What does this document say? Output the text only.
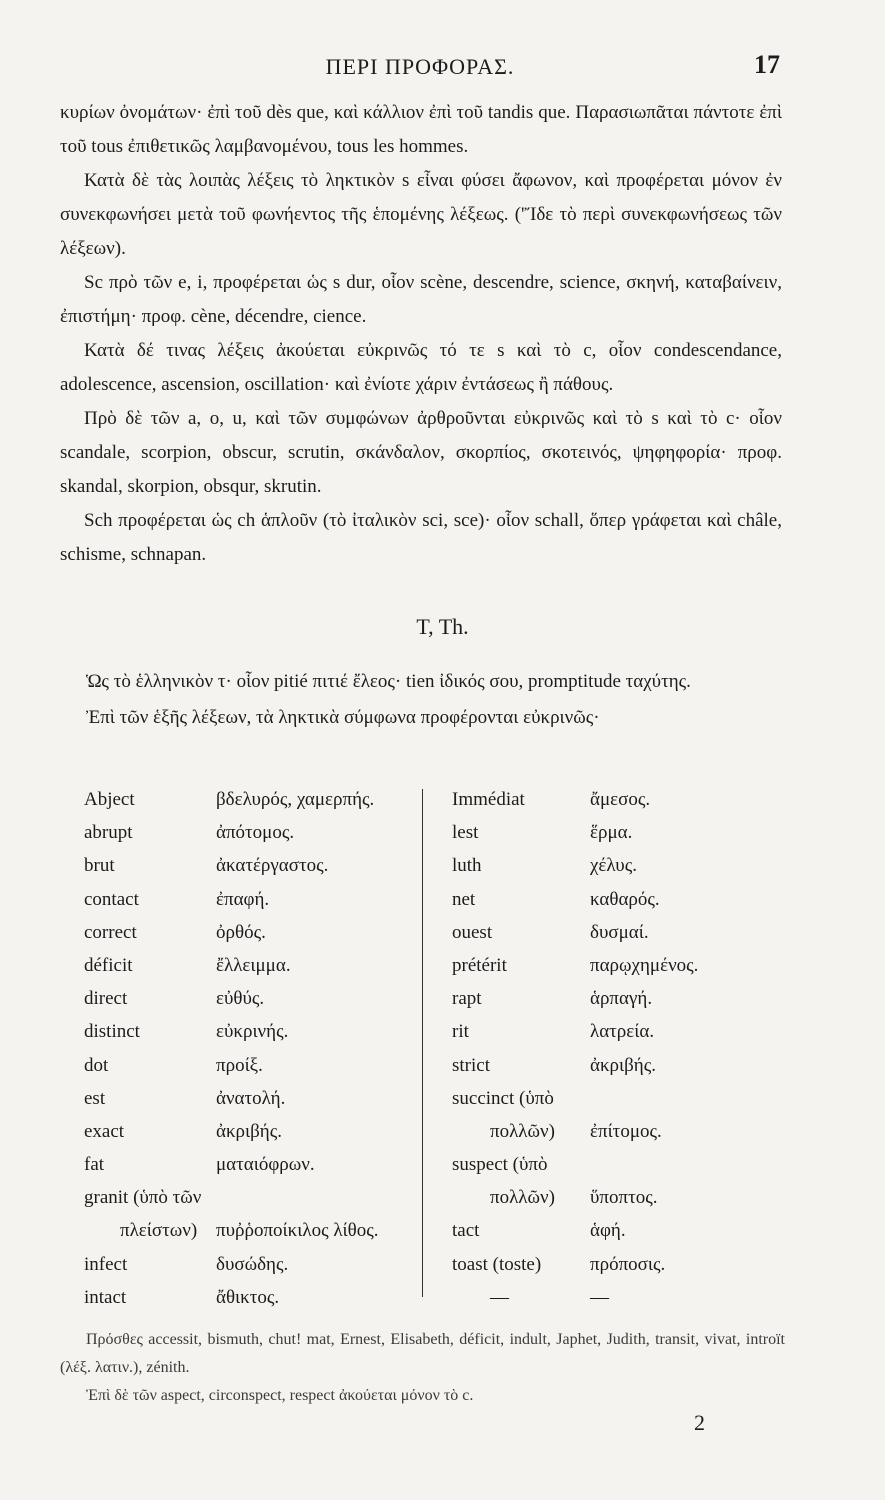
ΠΕΡΙ ΠΡΟΦΟΡΑΣ.	17

κυρίων ὀνομάτων· ἐπὶ τοῦ dès que, καὶ κάλλιον ἐπὶ τοῦ tandis que. Παρασιωπᾶται πάντοτε ἐπὶ τοῦ tous ἐπιθετικῶς λαμβανομένου, tous les hommes.

Κατὰ δὲ τὰς λοιπὰς λέξεις τὸ ληκτικὸν s εἶναι φύσει ἄφωνον, καὶ προφέρεται μόνον ἐν συνεκφωνήσει μετὰ τοῦ φωνήεντος τῆς ἑπομένης λέξεως. ('Ἴδε τὸ περὶ συνεκφωνήσεως τῶν λέξεων).

Sc πρὸ τῶν e, i, προφέρεται ὡς s dur, οἷον scène, descendre, science, σκηνή, καταβαίνειν, ἐπιστήμη· προφ. cène, décendre, cience.

Κατὰ δέ τινας λέξεις ἀκούεται εὐκρινῶς τό τε s καὶ τὸ c, οἷον condescendance, adolescence, ascension, oscillation· καὶ ἐνίοτε χάριν ἐντάσεως ἢ πάθους.

Πρὸ δὲ τῶν a, o, u, καὶ τῶν συμφώνων ἀρθροῦνται εὐκρινῶς καὶ τὸ s καὶ τὸ c· οἷον scandale, scorpion, obscur, scrutin, σκάνδαλον, σκορπίος, σκοτεινός, ψηφηφορία· προφ. skandal, skorpion, obsqur, skrutin.

Sch προφέρεται ὡς ch ἁπλοῦν (τὸ ἰταλικὸν sci, sce)· οἷον schall, ὅπερ γράφεται καὶ châle, schisme, schnapan.

T, Th.

Ὡς τὸ ἑλληνικὸν τ· οἷον pitié πιτιέ ἔλεος· tien ἰδικός σου, promptitude ταχύτης.

Ἐπὶ τῶν ἑξῆς λέξεων, τὰ ληκτικὰ σύμφωνα προφέρονται εὐκρινῶς·

Abject
abrupt
brut
contact
correct
déficit
direct
distinct
dot
est
exact
fat
granit (ὑπὸ τῶν
πλείστων)
infect
intact
βδελυρός, χαμερπής.
ἀπότομος.
ἀκατέργαστος.
ἐπαφή.
ὀρθός.
ἔλλειμμα.
εὐθύς.
εὐκρινής.
προίξ.
ἀνατολή.
ἀκριβής.
ματαιόφρων.
πυῤῥοποίκιλος λίθος.
δυσώδης.
ἄθικτος.
Immédiat
lest
luth
net
ouest
prétérit
rapt
rit
strict
succinct (ὑπὸ
πολλῶν)
suspect (ὑπὸ
πολλῶν)
tact
toast (toste)
—
ἄμεσος.
ἕρμα.
χέλυς.
καθαρός.
δυσμαί.
παρῳχημένος.
ἁρπαγή.
λατρεία.
ἀκριβής.
ἐπίτομος.
ὕποπτος.
ἁφή.
πρόποσις.
—

Πρόσθες accessit, bismuth, chut! mat, Ernest, Elisabeth, déficit, indult, Japhet, Judith, transit, vivat, introït (λέξ. λατιν.), zénith.

Ἐπὶ δὲ τῶν aspect, circonspect, respect ἀκούεται μόνον τὸ c.

2
